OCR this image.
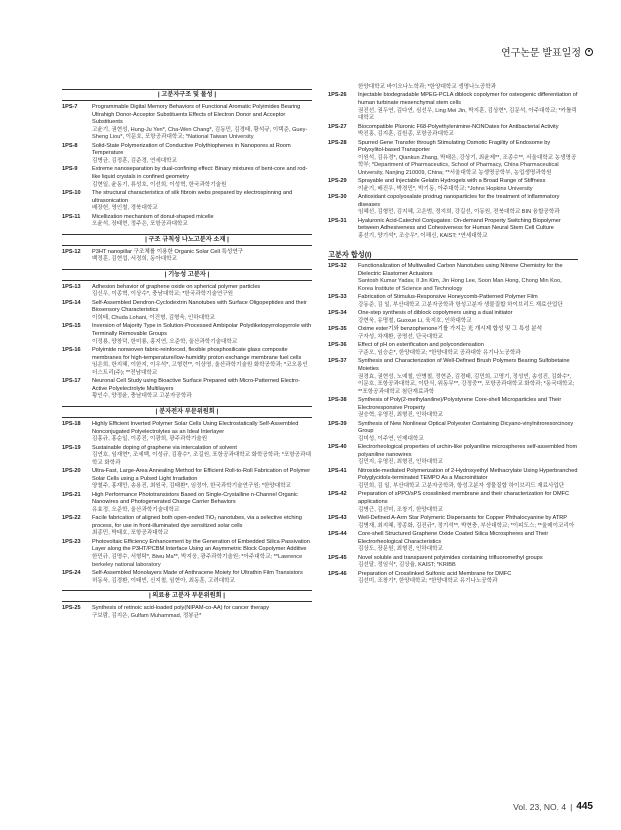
연구논문 발표일정
| 고분자구조 및 물성 |
1PS-7	Programmable Digital Memory Behaviors of Functional Aromatic Polyimides Bearing Ultrahigh Donor-Acceptor Substituents Effects of Electron Donor and Acceptor Substituents
고윤기, 권현성, Hung-Ju Yen*, Cha-Wen Chang*, 김동민, 김경태, 황석규, 이택준, Guey-Sheng Liou*, 이문호, 포항공과대학교; *National Taiwan University
1PS-8	Solid-State Polymerization of Conductive Polythiophenes in Nanopores at Room Temperature
김병균, 김정훈, 김준경, 연세대학교
1PS-9	Extreme nanoseparation by dual-confining effect: Binary mixtures of bent-core and rod-like liquid crystals in confined geometry
김현일, 윤동기, 류성호, 이선희, 이성혁, 한국과학기술원
1PS-10	The structural characteristics of silk fibroin webs prepared by electrospinning and ultrasonication
배장헌, 영인철, 경북대학교
1PS-11	Micellization mechanism of donut-shaped micelle
오윤석, 장태현, 정주은, 포항공과대학교
| 구조 규칙성 나노고분자 소재 |
1PS-12	P3HT nanopillar 구조체를 이용한 Organic Solar Cell 특성연구
백정훈, 김현섭, 서정희, 동아대학교
| 기능성 고분자 |
1PS-13	Adhesion behavior of graphene oxide on spherical polymer particles
김신우, 이종혁, 이상수*, 충남대학교; *한국과학기술연구원
1PS-14	Self-Assembled Dendron-Cyclodextrin Nanotubes with Surface Oligopeptides and their Biosensory Characteristics
이희태, Chuda Lohani, 이건형, 김형욱, 인하대학교
1PS-15	Inversion of Majority Type in Solution-Processed Ambipolar Polydiketopyrrolopyrrole with Terminally Removable Groups
이정룡, 양창덕, 한미룡, 홍지연, 오준학, 울산과학기술대학교
1PS-16	Polyimide nonwoven fabric-reinforced, flexible phosphosilicate glass composite membranes for high-temperature/low-humidity proton exchange membrane fuel cells
임은희, 한지혜, 이한지, 이우석*, 고형련**, 이상영, 울산과학기술원 화학공학과; *코오롱인더스트리(주); **전남대학교
1PS-17	Neuronal Cell Study using Bioactive Surface Prepared with Micro-Patterned Electro-Active Polyelectrolyte Multilayers
황인수, 양정윤, 충남대학교 고분자공학과
| 분자전자 부문위원회 |
1PS-18	Highly Efficient Inverted Polymer Solar Cells Using Electrostatically Self-Assembled Nonconjugated Polyelectrolytes as an Ideal Interlayer
김홍규, 홍순일, 이종진, 이광희, 광주과학기술원
1PS-19	Sustainable doping of graphene via intercalation of solvent
김연호, 임재현*, 조세백, 이성규, 김광수*, 조길원, 포항공과대학교 화학공학과; *포항공과대학교 화학과
1PS-20	Ultra-Fast, Large-Area Annealing Method for Efficient Roll-to-Roll Fabrication of Polymer Solar Cells using a Pulsed Light Irradiation
양철주, 홍재민, 송용진, 최원국, 김태환*, 임정아, 한국과학기술연구원; *한양대학교
1PS-21	High Performance Phototransistors Based on Single-Crystalline n-Channel Organic Nanowires and Photogenerated Charge Carrier Behaviors
유효정, 오준학, 울산과학기술대학교
1PS-22	Facile fabrication of aligned both open-ended TiO₂ nanotubes, via a selective etching process, for use in front-illuminated dye sensitized solar cells
최종민, 박태호, 포항공과대학교
1PS-23	Photovoltaic Efficiency Enhancement by the Generation of Embedded Silica Passivation Layer along the P3HT/PCBM Interface Using an Asymmetric Block Copolymer Additive
한민규, 김명수, 서형탁*, Biwu Ma**, 박지웅, 광주과학기술원; *아주대학교; **Lawrence berkeley national laboratory
1PS-24	Self-Assembled Monolayers Made of Anthracene Moiety for Ultrathin Film Transistors
허동욱, 김경환, 이태빈, 신지철, 임현아, 최동훈, 고려대학교
| 의료용 고분자 부문위원회 |
1PS-25	Synthesis of retinoic acid-loaded poly(NIPAM-co-AA) for cancer therapy
구보람, 김지은, Gulfam Muhammad, 정봉균*
한양대학교 바이오나노학과; *한양대학교 생명나노공학과
1PS-26	Injectable biodegradable MPEG-PCLA diblock copolymer for osteogenic differentiation of human turbinate mesenchymal stem cells
권진선, 권두연, 김다연, 심선우, Ling Mei Jin, 박지훈, 김상현*, 김문석, 아주대학교; *카톨릭대학교
1PS-27	Biocompatible Pluronic F68-Polyethylenimine-NONOates for Antibacterial Activity
박진홍, 김지훈, 김원종, 포항공과대학교
1PS-28	Spurred Gene Transfer through Stimulating Osmotic Fragility of Endosome by Polyxylitol-based Transporter
이원석, 김유경*, Qiankun Zhang, 박태은, 강상기, 최윤제**, 조종수**, 서울대학교 농생명공학부; *Department of Pharmaceutics, School of Pharmacy, China Pharmaceutical University, Nanjing 210009, China; **서울대학교 농생명공학부, 농업생명과학원
1PS-29	Sprayable and Injectable Gelatin Hydrogels with a Broad Range of Stiffness
이윤기, 배진우, 박경민*, 박기동, 아주대학교; *Johns Hopkins University
1PS-30	Antioxidant copolyoxalate prodrug nanoparticles for the treatment of inflammatory diseases
임혜선, 김형민, 김지혜, 고은범, 정지희, 강길선, 이동원, 전북대학교 BIN 융합공학과
1PS-31	Hyaluronic Acid-Catechol Conjugates: On-demand Property Switching Biopolymer between Adhesiveness and Cohesiveness for Human Neural Stem Cell Culture
홍선기, 양기석*, 조승우*, 이해신, KAIST; *연세대학교
고분자 합성(I)
1PS-32	Functionalization of Multiwalled Carbon Nanotubes using Nitrene Chemistry for the Dielectric Elastomer Actuators
Santosh Kumar Yadav, Il Jin Kim, Jin Hong Lee, Soon Man Hong, Chong Min Koo, Korea Institute of Science and Technology
1PS-33	Fabrication of Stimulus-Responsive Honeycomb-Patterned Polymer Film
강동준, 김 일, 부산대학교 고분자공학과 항성고분자 생물질합 하이브리드 재료산업단
1PS-34	One-step synthesis of diblock copolymers using a dual initiator
강현욱, 유명철, Guoxue Li, 육지호, 인하대학교
1PS-35	Oxime ester기와 benzophenone기를 가지는 光 개시제 합성 및 그 특성 분석
구자성, 차재환, 공명선, 단국대학교
1PS-36	Effect of pH on esterification and polycondensation
구준오, 임승순*, 한양대학교; *한양대학교 공과대학 유기나노공학과
1PS-37	Synthesis and Characterization of Well-Defined Brush Polymers Bearing Sulfobetaine Moieties
권경효, 권현성, 노예철, 안병철, 정현준, 김경태, 김민희, 고명기, 정성빈, 송성진, 김화수*, 이문호, 포항공과대학교, 이탄식, 위동무**, 강정중**, 포항공과대학교 화학과; *동국대학교; **포항공과대학교 첨단재료과학
1PS-38	Synthesis of Poly(2-methylaniline)/Polystyrene Core-shell Microparticles and Their Electroresponsive Property
권승혁, 유영진, 최형진, 인하대학교
1PS-39	Synthesis of New Nonlinear Optical Polyester Containing Dicyano-vinylnitroresorcinoxy Group
김미성, 이주연, 인제대학교
1PS-40	Electrorheological properties of urchin-like polyaniline microspheres self-assembled from polyaniline nanowires
김민지, 유영진, 최형진, 인하대학교
1PS-41	Nitroxide-mediated Polymerization of 2-Hydroxyethyl Methacrylate Using Hyperbranched Polyglycidols-terminated TEMPO As a Macroinitiator
김민희, 김 일, 부산대학교 고분자공학과, 항성고분자 생물질합 하이브리드 재료사업단
1PS-42	Preparation of sPPO/sPS crosslinked membrane and their characterization for DMFC applications
김병근, 김선미, 조창기, 한양대학교
1PS-43	Well-Defined A-Arm Star Polymeric Dispersants for Copper Phthalocyanine by ATRP
김병재, 최지혜, 정종화, 김진규*, 정기석**, 박현충, 부산대학교; *이피도스; **울메이코리아
1PS-44	Core-shell Structured Graphene Oxide Coated Silica Microspheres and Their Electrorheological Characteristics
김상도, 장문원, 최형진, 인하대학교
1PS-45	Novel soluble and transparent polyimides containing trifluoromethyl groups
김선달, 정임식*, 김상율, KAIST; *KRIBB
1PS-46	Preparation of Crosslinked Sulfonic acid Membrane for DMFC
김선미, 조창기*, 한양대학교; *한양대학교 유기나노공학과
Vol. 23, NO. 4 | 445
